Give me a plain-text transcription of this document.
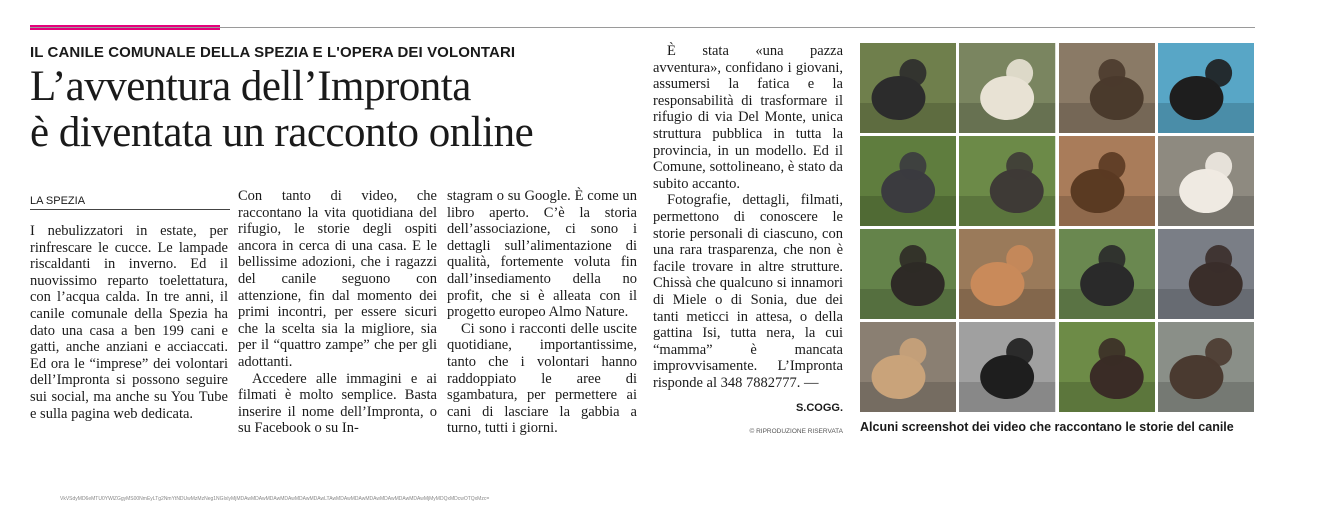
IL CANILE COMUNALE DELLA SPEZIA E L'OPERA DEI VOLONTARI
L’avventura dell’Impronta
è diventata un racconto online
LA SPEZIA

I nebulizzatori in estate, per rinfrescare le cucce. Le lampade riscaldanti in inverno. Ed il nuovissimo reparto toelettatura, con l’acqua calda. In tre anni, il canile comunale della Spezia ha dato una casa a ben 199 cani e gatti, anche anziani e acciaccati. Ed ora le “imprese” dei volontari dell’Impronta si possono seguire sui social, ma anche su You Tube e sulla pagina web dedicata.

Con tanto di video, che raccontano la vita quotidiana del rifugio, le storie degli ospiti ancora in cerca di una casa. E le bellissime adozioni, che i ragazzi del canile seguono con attenzione, fin dal momento dei primi incontri, per essere sicuri che la scelta sia la migliore, sia per il “quattro zampe” che per gli adottanti.

Accedere alle immagini e ai filmati è molto semplice. Basta inserire il nome dell’Impronta, o su Facebook o su In-

stagram o su Google. È come un libro aperto. C’è la storia dell’associazione, ci sono i dettagli sull’alimentazione di qualità, fortemente voluta fin dall’insediamento della no profit, che si è alleata con il progetto europeo Almo Nature.

Ci sono i racconti delle uscite quotidiane, importantissime, tanto che i volontari hanno raddoppiato le aree di sgambatura, per permettere ai cani di lasciare la gabbia a turno, tutti i giorni.

È stata «una pazza avventura», confidano i giovani, assumersi la fatica e la responsabilità di trasformare il rifugio di via Del Monte, unica struttura pubblica in tutta la provincia, in un modello. Ed il Comune, sottolineano, è stato da subito accanto.

Fotografie, dettagli, filmati, permettono di conoscere le storie personali di ciascuno, con una rara trasparenza, che non è facile trovare in altre strutture. Chissà che qualcuno si innamori di Miele o di Sonia, due dei tanti meticci in attesa, o della gattina Isi, tutta nera, la cui “mamma” è mancata improvvisamente. L’Impronta risponde al 348 7882777. —

S.COGG.
© RIPRODUZIONE RISERVATA Alcuni screenshot dei video che raccontano le storie del canile
VkVSdyMD6eMTU0YWlZGgyMS00NmEyLTg2NmYtNDUwMzMzNeg1NGIxlyMjMDAwMDAwMDAwMDAwMDAwMDAwLTAwMDAwMDAwMDAwMDAwMDAwMDAwMjMyMDQxMDcwOTQxMzc=
